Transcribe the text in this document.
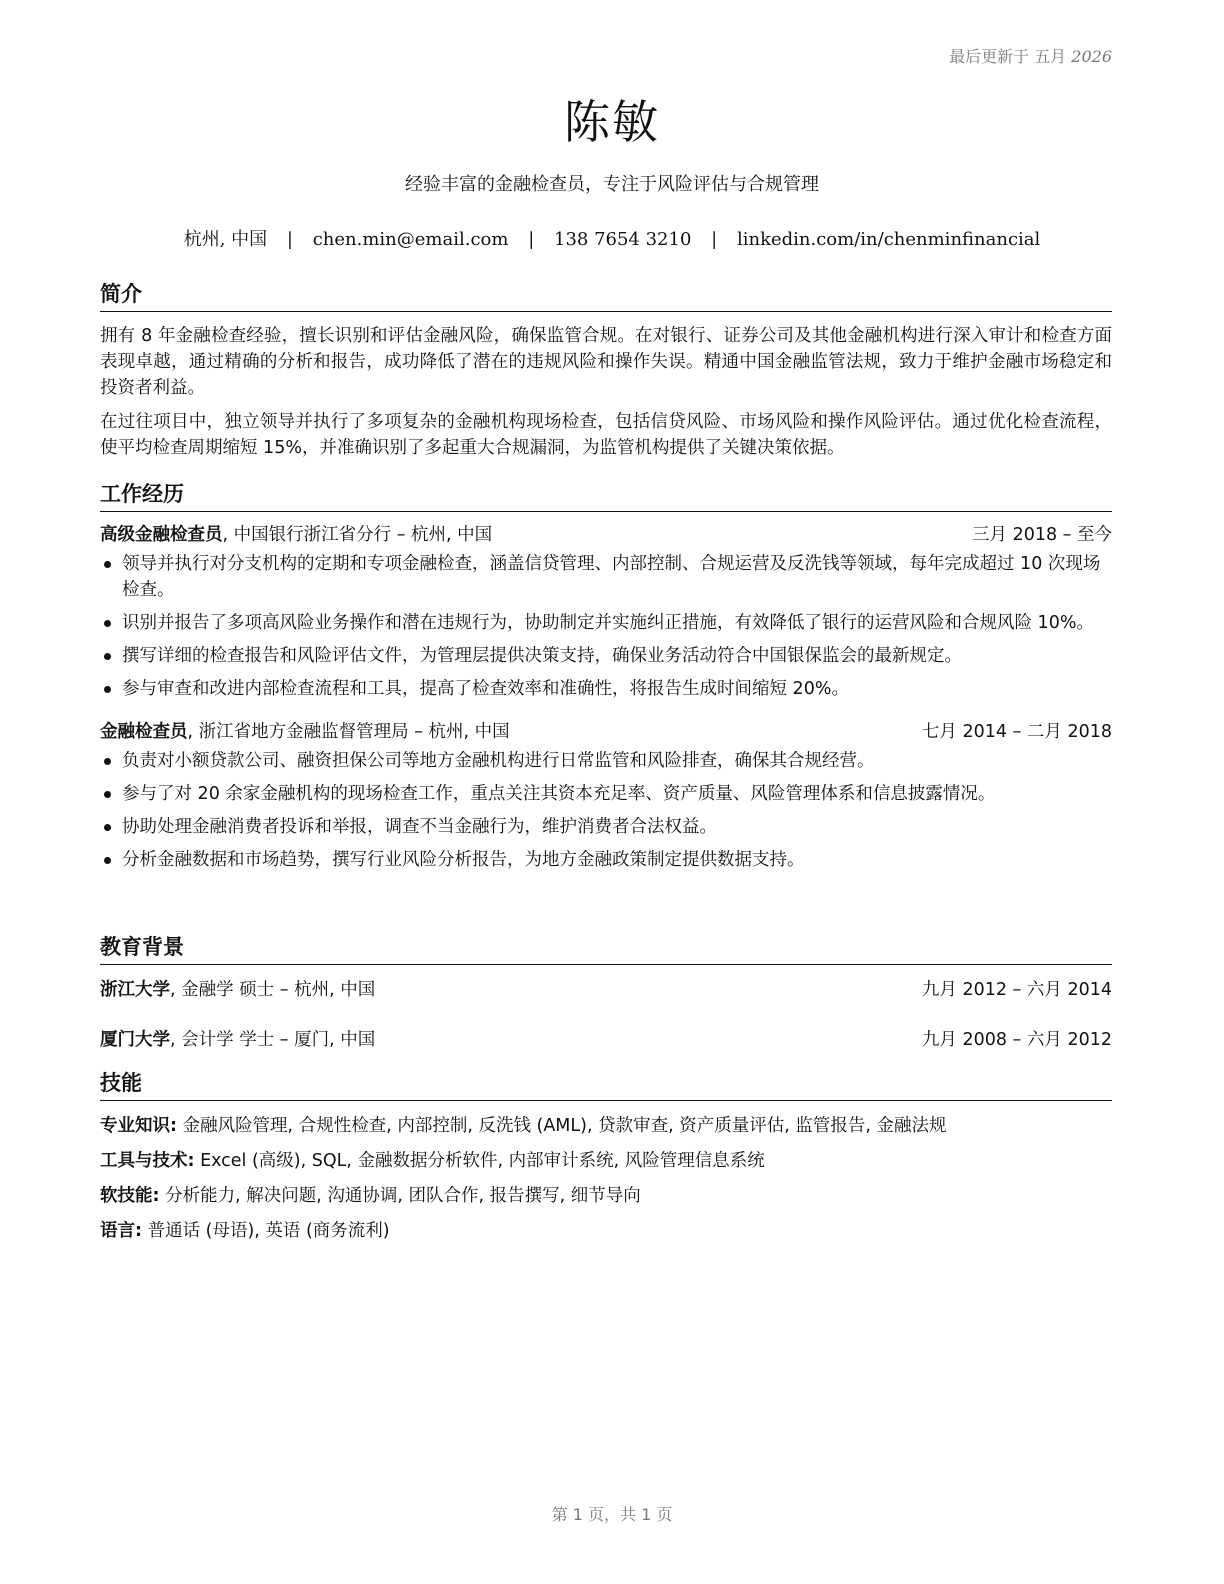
最后更新于 五月 2026
陈敏
经验丰富的金融检查员，专注于风险评估与合规管理
杭州, 中国 | chen.min@email.com | 138 7654 3210 | linkedin.com/in/chenminfinancial
简介

拥有 8 年金融检查经验，擅长识别和评估金融风险，确保监管合规。在对银行、证券公司及其他金融机构进行深入审计和检查方面表现卓越，通过精确的分析和报告，成功降低了潜在的违规风险和操作失误。精通中国金融监管法规，致力于维护金融市场稳定和投资者利益。

在过往项目中，独立领导并执行了多项复杂的金融机构现场检查，包括信贷风险、市场风险和操作风险评估。通过优化检查流程，使平均检查周期缩短 15%，并准确识别了多起重大合规漏洞，为监管机构提供了关键决策依据。

工作经历
高级金融检查员, 中国银行浙江省分行 – 杭州, 中国	三月 2018 – 至今
领导并执行对分支机构的定期和专项金融检查，涵盖信贷管理、内部控制、合规运营及反洗钱等领域，每年完成超过 10 次现场检查。
识别并报告了多项高风险业务操作和潜在违规行为，协助制定并实施纠正措施，有效降低了银行的运营风险和合规风险 10%。
撰写详细的检查报告和风险评估文件，为管理层提供决策支持，确保业务活动符合中国银保监会的最新规定。
参与审查和改进内部检查流程和工具，提高了检查效率和准确性，将报告生成时间缩短 20%。
金融检查员, 浙江省地方金融监督管理局 – 杭州, 中国	七月 2014 – 二月 2018
负责对小额贷款公司、融资担保公司等地方金融机构进行日常监管和风险排查，确保其合规经营。
参与了对 20 余家金融机构的现场检查工作，重点关注其资本充足率、资产质量、风险管理体系和信息披露情况。
协助处理金融消费者投诉和举报，调查不当金融行为，维护消费者合法权益。
分析金融数据和市场趋势，撰写行业风险分析报告，为地方金融政策制定提供数据支持。
教育背景
浙江大学, 金融学 硕士 – 杭州, 中国	九月 2012 – 六月 2014
厦门大学, 会计学 学士 – 厦门, 中国	九月 2008 – 六月 2012
技能
专业知识: 金融风险管理, 合规性检查, 内部控制, 反洗钱 (AML), 贷款审查, 资产质量评估, 监管报告, 金融法规
工具与技术: Excel (高级), SQL, 金融数据分析软件, 内部审计系统, 风险管理信息系统
软技能: 分析能力, 解决问题, 沟通协调, 团队合作, 报告撰写, 细节导向
语言: 普通话 (母语), 英语 (商务流利)
第 1 页，共 1 页
